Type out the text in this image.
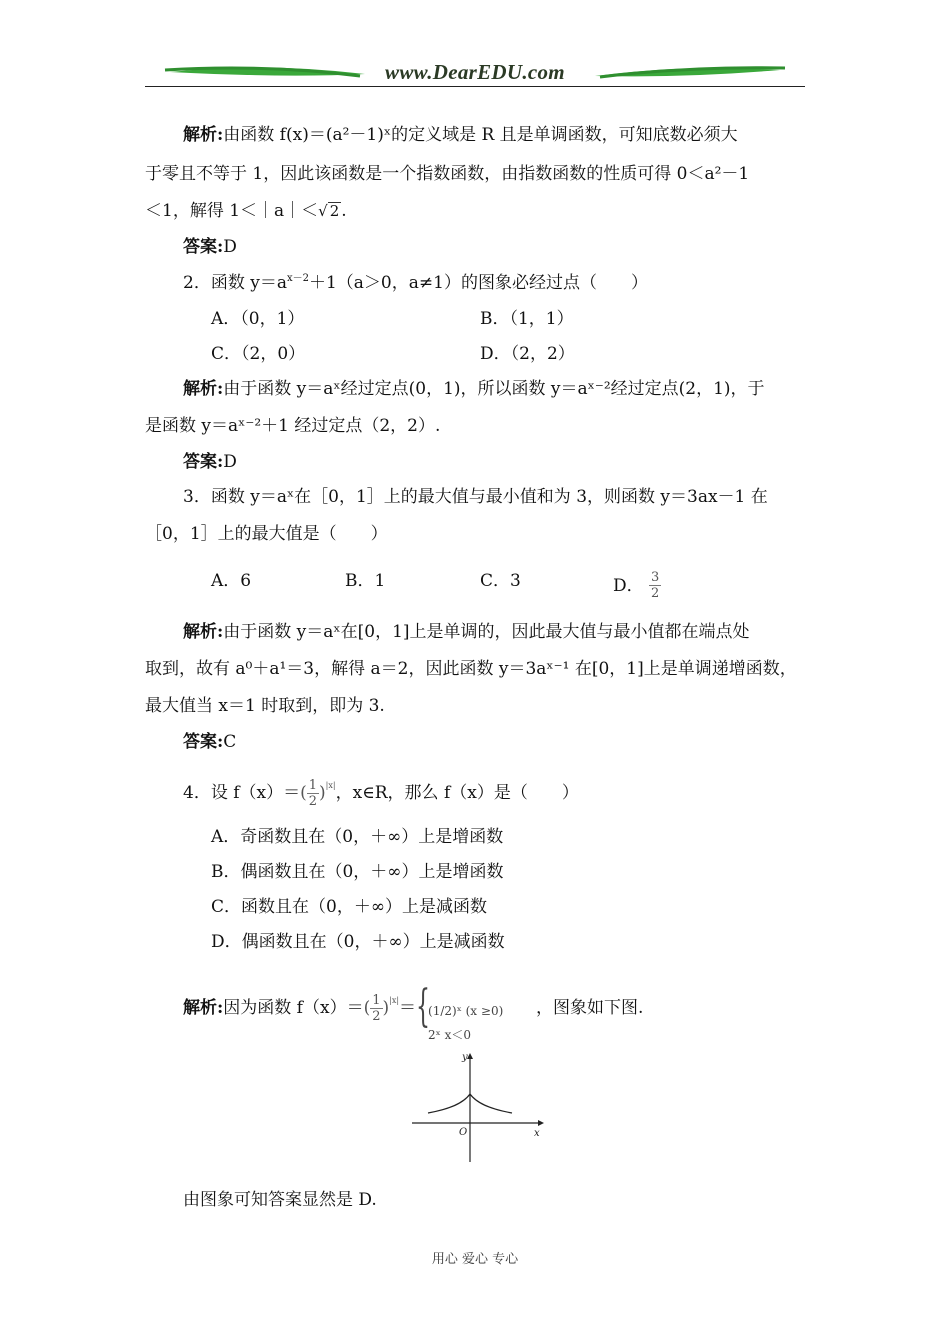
www.DearEDU.com
解析:由函数 f(x)＝(a²－1)ˣ的定义域是 R 且是单调函数，可知底数必须大
于零且不等于 1，因此该函数是一个指数函数，由指数函数的性质可得 0＜a²－1
＜1，解得 1＜｜a｜＜√ 2 .
答案:D
2．函数 $y=a^{x-2}+1(a>0$，a≠1）的图象必经过点（　　）
A．（0，1）	B．（1，1）
C．（2，0）	D．（2，2）
解析:由于函数 y＝aˣ经过定点(0，1)，所以函数 y＝aˣ⁻²经过定点(2，1)，于
是函数 y＝aˣ⁻²＋1 经过定点（2，2）.
答案:D
3．函数 y＝aˣ在［0，1］上的最大值与最小值和为 3，则函数 y＝3ax－1 在
［0，1］上的最大值是（　　）
A．6	B．1	C．3	D． $\frac{3}{2}$
解析:由于函数 y＝aˣ在[0，1]上是单调的，因此最大值与最小值都在端点处
取到，故有 a⁰＋a¹＝3，解得 a＝2，因此函数 y＝3aˣ⁻¹ 在[0，1]上是单调递增函数，
最大值当 x＝1 时取到，即为 3.
答案:C
4．设 $f(x)=( \frac{1}{2} )^{|x|}$，x∈R，那么 f（x）是（　　）
A．奇函数且在（0，＋∞）上是增函数
B．偶函数且在（0，＋∞）上是增函数
C．函数且在（0，＋∞）上是减函数
D．偶函数且在（0，＋∞）上是减函数
解析:因为函数 $f(x)=( \frac{1}{2} )^{|x|}=$ {
(1/2)ˣ (x ≥0)
2ˣ x＜0
，图象如下图.
y
x
O
由图象可知答案显然是 D.
用心 爱心 专心
